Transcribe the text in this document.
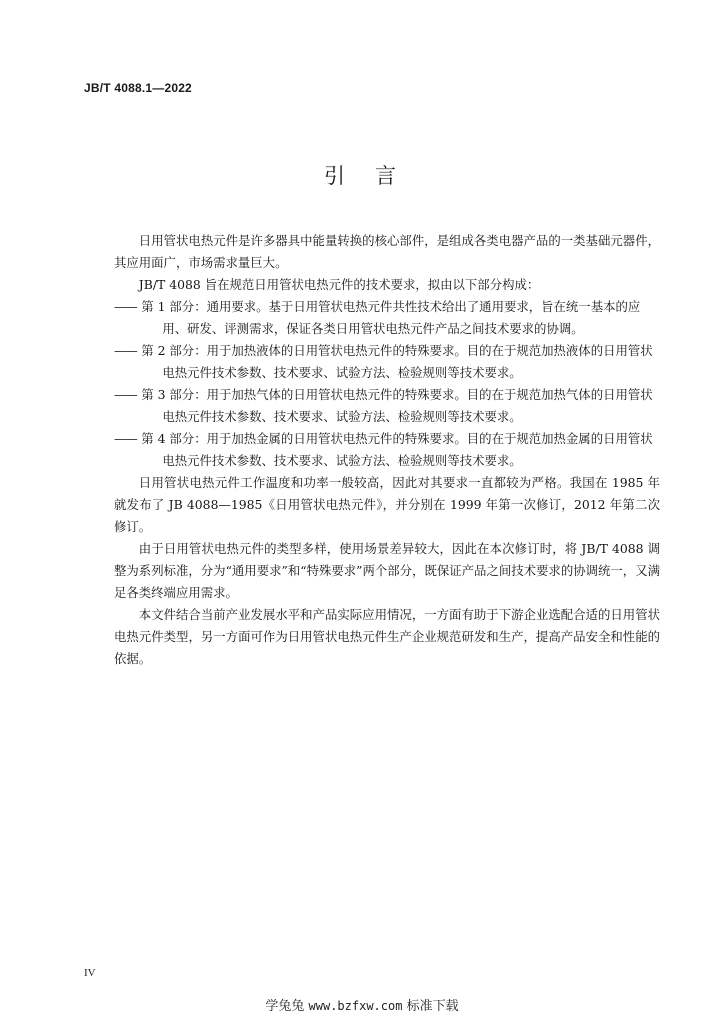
JB/T 4088.1—2022
引言

日用管状电热元件是许多器具中能量转换的核心部件，是组成各类电器产品的一类基础元器件，其应用面广，市场需求量巨大。

JB/T 4088 旨在规范日用管状电热元件的技术要求，拟由以下部分构成：

—— 第 1 部分：通用要求。基于日用管状电热元件共性技术给出了通用要求，旨在统一基本的应
用、研发、评测需求，保证各类日用管状电热元件产品之间技术要求的协调。

—— 第 2 部分：用于加热液体的日用管状电热元件的特殊要求。目的在于规范加热液体的日用管状
电热元件技术参数、技术要求、试验方法、检验规则等技术要求。

—— 第 3 部分：用于加热气体的日用管状电热元件的特殊要求。目的在于规范加热气体的日用管状
电热元件技术参数、技术要求、试验方法、检验规则等技术要求。

—— 第 4 部分：用于加热金属的日用管状电热元件的特殊要求。目的在于规范加热金属的日用管状
电热元件技术参数、技术要求、试验方法、检验规则等技术要求。

日用管状电热元件工作温度和功率一般较高，因此对其要求一直都较为严格。我国在 1985 年就发布了 JB 4088—1985《日用管状电热元件》，并分别在 1999 年第一次修订，2012 年第二次修订。

由于日用管状电热元件的类型多样，使用场景差异较大，因此在本次修订时，将 JB/T 4088 调整为系列标准，分为“通用要求”和“特殊要求”两个部分，既保证产品之间技术要求的协调统一，又满足各类终端应用需求。

本文件结合当前产业发展水平和产品实际应用情况，一方面有助于下游企业选配合适的日用管状电热元件类型，另一方面可作为日用管状电热元件生产企业规范研发和生产，提高产品安全和性能的依据。

IV
学兔兔 www.bzfxw.com 标准下载
